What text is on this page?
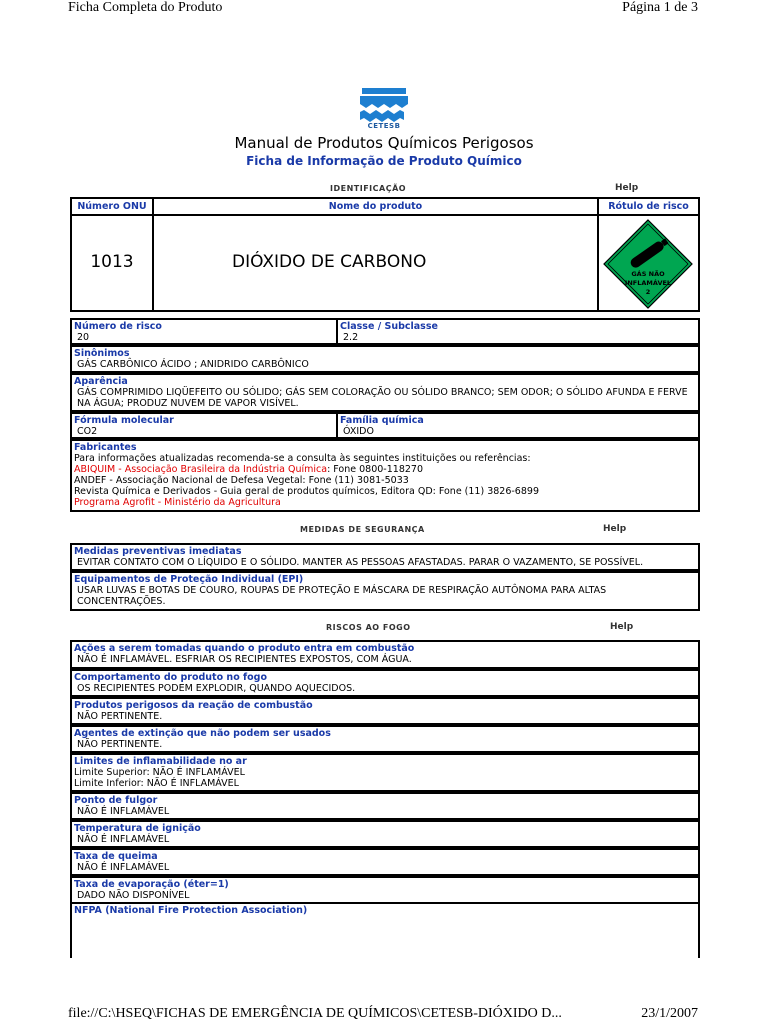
Ficha Completa do Produto	Página 1 de 3
CETESB
Manual de Produtos Químicos Perigosos
Ficha de Informação de Produto Químico
IDENTIFICAÇÃO	Help
Número ONU	Nome do produto	Rótulo de risco
1013	DIÓXIDO DE CARBONO
GÁS NÃO
INFLAMÁVEL
2
Número de risco
20
Classe / Subclasse
2.2
Sinônimos
GÁS CARBÔNICO ÁCIDO ; ANIDRIDO CARBÔNICO
Aparência
GÁS COMPRIMIDO LIQÜEFEITO OU SÓLIDO; GÁS SEM COLORAÇÃO OU SÓLIDO BRANCO; SEM ODOR; O SÓLIDO AFUNDA E FERVE NA ÁGUA; PRODUZ NUVEM DE VAPOR VISÍVEL.
Fórmula molecular
CO2
Família química
ÓXIDO
Fabricantes
Para informações atualizadas recomenda-se a consulta às seguintes instituições ou referências:
ABIQUIM - Associação Brasileira da Indústria Química: Fone 0800-118270
ANDEF - Associação Nacional de Defesa Vegetal: Fone (11) 3081-5033
Revista Química e Derivados - Guia geral de produtos químicos, Editora QD: Fone (11) 3826-6899
Programa Agrofit - Ministério da Agricultura
MEDIDAS DE SEGURANÇA	Help
Medidas preventivas imediatas
EVITAR CONTATO COM O LÍQUIDO E O SÓLIDO. MANTER AS PESSOAS AFASTADAS. PARAR O VAZAMENTO, SE POSSÍVEL.
Equipamentos de Proteção Individual (EPI)
USAR LUVAS E BOTAS DE COURO, ROUPAS DE PROTEÇÃO E MÁSCARA DE RESPIRAÇÃO AUTÔNOMA PARA ALTAS CONCENTRAÇÕES.
RISCOS AO FOGO	Help
Ações a serem tomadas quando o produto entra em combustão
NÃO É INFLAMÁVEL. ESFRIAR OS RECIPIENTES EXPOSTOS, COM ÁGUA.
Comportamento do produto no fogo
OS RECIPIENTES PODEM EXPLODIR, QUANDO AQUECIDOS.
Produtos perigosos da reação de combustão
NÃO PERTINENTE.
Agentes de extinção que não podem ser usados
NÃO PERTINENTE.
Limites de inflamabilidade no ar
Limite Superior: NÃO É INFLAMÁVEL
Limite Inferior: NÃO É INFLAMÁVEL
Ponto de fulgor
NÃO É INFLAMÁVEL
Temperatura de ignição
NÃO É INFLAMÁVEL
Taxa de queima
NÃO É INFLAMÁVEL
Taxa de evaporação (éter=1)
DADO NÃO DISPONÍVEL
NFPA (National Fire Protection Association)
file://C:\HSEQ\FICHAS DE EMERGÊNCIA DE QUÍMICOS\CETESB-DIÓXIDO D...	23/1/2007
